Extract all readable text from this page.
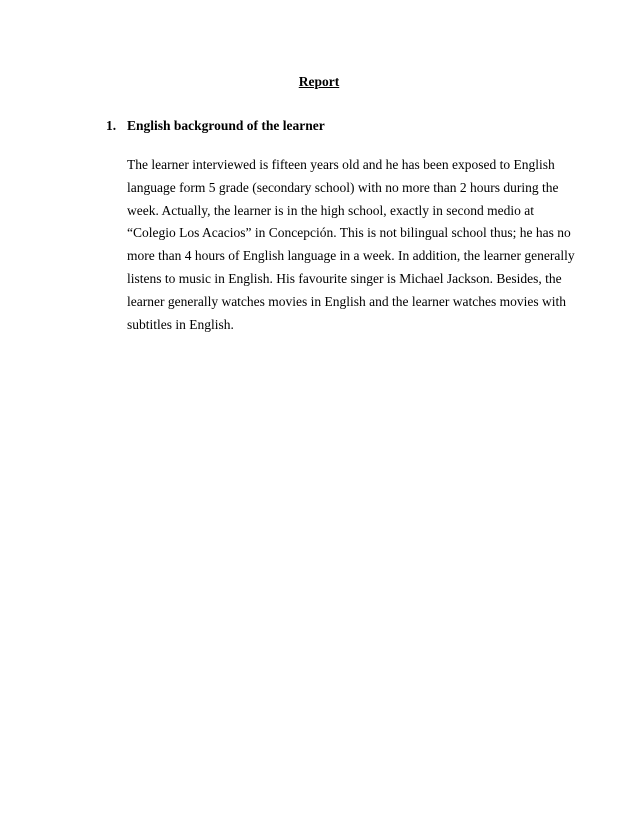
Report
1. English background of the learner
The learner interviewed is fifteen years old and he has been exposed to English
language form 5 grade (secondary school) with no more than 2 hours during the
week. Actually, the learner is in the high school, exactly in second medio at
“Colegio Los Acacios” in Concepción. This is not bilingual school thus; he has no
more than 4 hours of English language in a week. In addition, the learner generally
listens to music in English. His favourite singer is Michael Jackson. Besides, the
learner generally watches movies in English and the learner watches movies with
subtitles in English.
